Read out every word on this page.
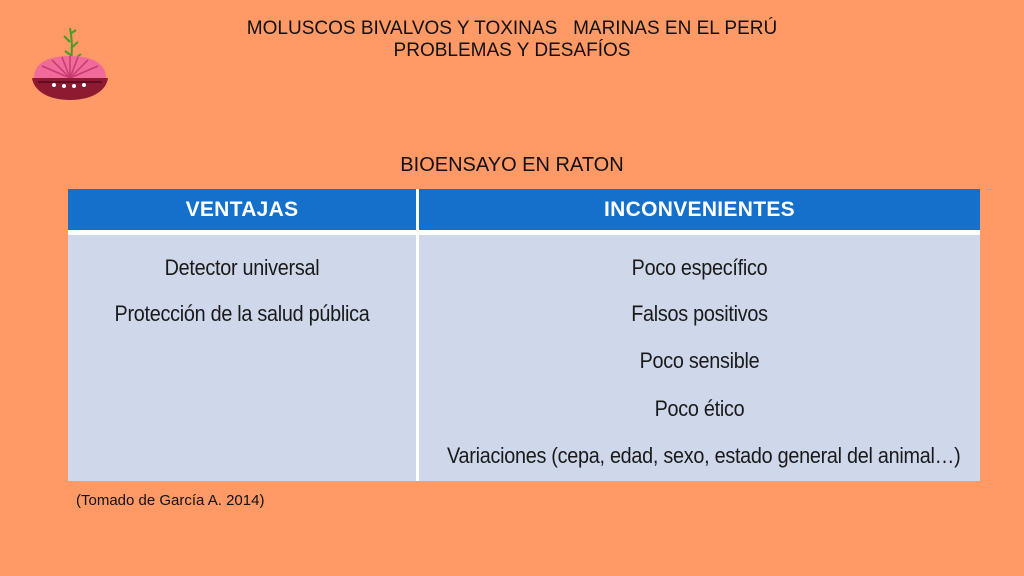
MOLUSCOS BIVALVOS Y TOXINAS   MARINAS EN EL PERÚ
PROBLEMAS Y DESAFÍOS
BIOENSAYO EN RATON
VENTAJAS	INCONVENIENTES
Detector universal
Protección de la salud pública
Poco específico
Falsos positivos
Poco sensible
Poco ético
Variaciones (cepa, edad, sexo, estado general del animal…)
(Tomado de García A. 2014)
